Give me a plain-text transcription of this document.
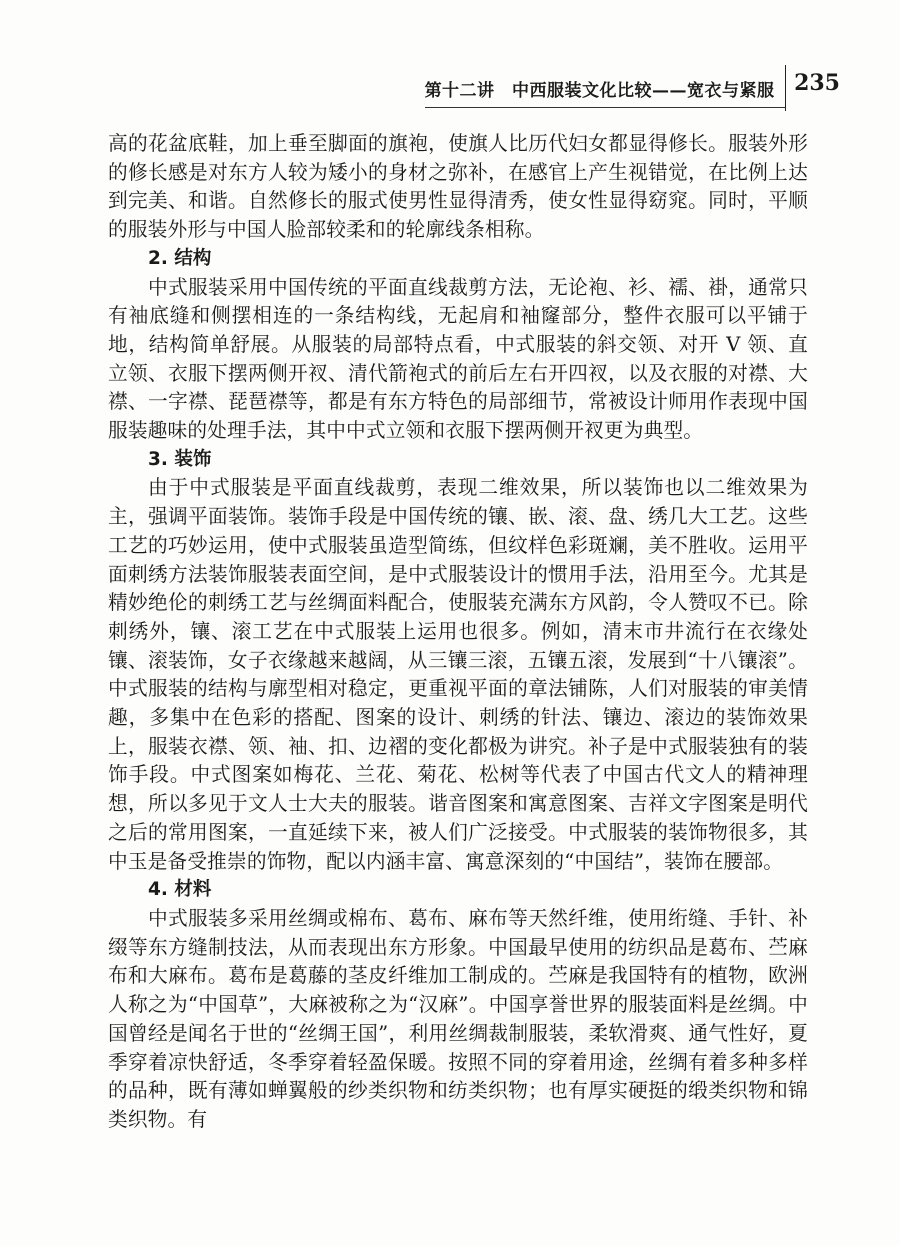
第十二讲　中西服装文化比较——宽衣与紧服 235

高的花盆底鞋，加上垂至脚面的旗袍，使旗人比历代妇女都显得修长。服装外形的修长感是对东方人较为矮小的身材之弥补，在感官上产生视错觉，在比例上达到完美、和谐。自然修长的服式使男性显得清秀，使女性显得窈窕。同时，平顺的服装外形与中国人脸部较柔和的轮廓线条相称。

2. 结构

中式服装采用中国传统的平面直线裁剪方法，无论袍、衫、襦、褂，通常只有袖底缝和侧摆相连的一条结构线，无起肩和袖窿部分，整件衣服可以平铺于地，结构简单舒展。从服装的局部特点看，中式服装的斜交领、对开 V 领、直立领、衣服下摆两侧开衩、清代箭袍式的前后左右开四衩，以及衣服的对襟、大襟、一字襟、琵琶襟等，都是有东方特色的局部细节，常被设计师用作表现中国服装趣味的处理手法，其中中式立领和衣服下摆两侧开衩更为典型。

3. 装饰

由于中式服装是平面直线裁剪，表现二维效果，所以装饰也以二维效果为主，强调平面装饰。装饰手段是中国传统的镶、嵌、滚、盘、绣几大工艺。这些工艺的巧妙运用，使中式服装虽造型简练，但纹样色彩斑斓，美不胜收。运用平面刺绣方法装饰服装表面空间，是中式服装设计的惯用手法，沿用至今。尤其是精妙绝伦的刺绣工艺与丝绸面料配合，使服装充满东方风韵，令人赞叹不已。除刺绣外，镶、滚工艺在中式服装上运用也很多。例如，清末市井流行在衣缘处镶、滚装饰，女子衣缘越来越阔，从三镶三滚，五镶五滚，发展到“十八镶滚”。中式服装的结构与廓型相对稳定，更重视平面的章法铺陈，人们对服装的审美情趣，多集中在色彩的搭配、图案的设计、刺绣的针法、镶边、滚边的装饰效果上，服装衣襟、领、袖、扣、边褶的变化都极为讲究。补子是中式服装独有的装饰手段。中式图案如梅花、兰花、菊花、松树等代表了中国古代文人的精神理想，所以多见于文人士大夫的服装。谐音图案和寓意图案、吉祥文字图案是明代之后的常用图案，一直延续下来，被人们广泛接受。中式服装的装饰物很多，其中玉是备受推崇的饰物，配以内涵丰富、寓意深刻的“中国结”，装饰在腰部。

4. 材料

中式服装多采用丝绸或棉布、葛布、麻布等天然纤维，使用绗缝、手针、补缀等东方缝制技法，从而表现出东方形象。中国最早使用的纺织品是葛布、苎麻布和大麻布。葛布是葛藤的茎皮纤维加工制成的。苎麻是我国特有的植物，欧洲人称之为“中国草”，大麻被称之为“汉麻”。中国享誉世界的服装面料是丝绸。中国曾经是闻名于世的“丝绸王国”，利用丝绸裁制服装，柔软滑爽、通气性好，夏季穿着凉快舒适，冬季穿着轻盈保暖。按照不同的穿着用途，丝绸有着多种多样的品种，既有薄如蝉翼般的纱类织物和纺类织物；也有厚实硬挺的缎类织物和锦类织物。有
